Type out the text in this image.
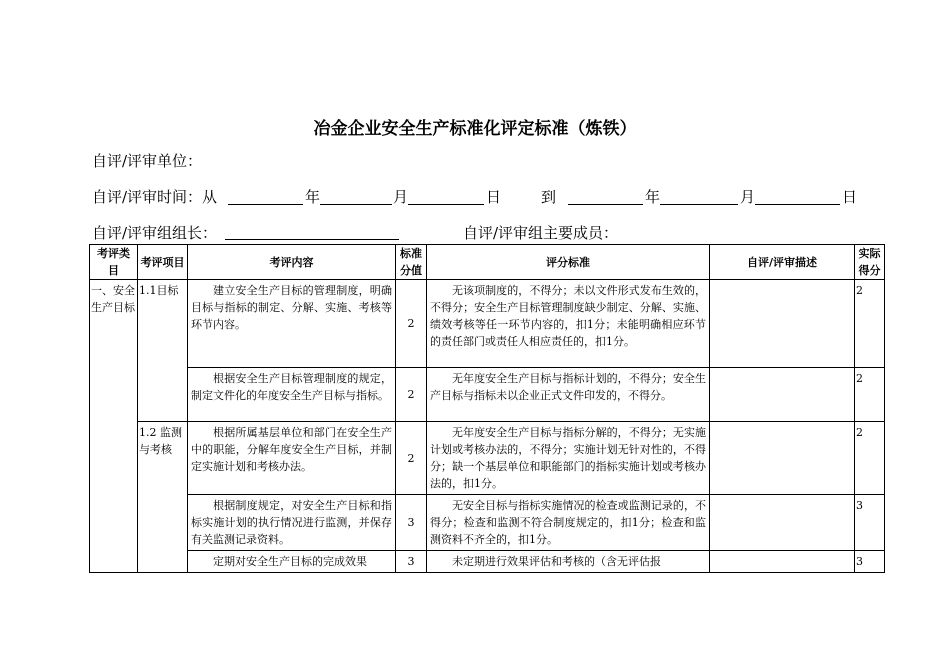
冶金企业安全生产标准化评定标准（炼铁）
自评/评审单位：
自评/评审时间：从	年	月	日	到	年	月	日
自评/评审组组长：	自评/评审组主要成员：
考评类目	考评项目	考评内容	标准分值	评分标准	自评/评审描述	实际得分
一、安全生产目标	1.1目标	建立安全生产目标的管理制度，明确目标与指标的制定、分解、实施、考核等环节内容。	2	无该项制度的，不得分；未以文件形式发布生效的，不得分；安全生产目标管理制度缺少制定、分解、实施、绩效考核等任一环节内容的，扣1分；未能明确相应环节的责任部门或责任人相应责任的，扣1分。		2
		根据安全生产目标管理制度的规定，制定文件化的年度安全生产目标与指标。	2	无年度安全生产目标与指标计划的，不得分；安全生产目标与指标未以企业正式文件印发的，不得分。		2
	1.2 监测与考核	根据所属基层单位和部门在安全生产中的职能，分解年度安全生产目标，并制定实施计划和考核办法。	2	无年度安全生产目标与指标分解的，不得分；无实施计划或考核办法的，不得分；实施计划无针对性的，不得分；缺一个基层单位和职能部门的指标实施计划或考核办法的，扣1分。		2
		根据制度规定，对安全生产目标和指标实施计划的执行情况进行监测，并保存有关监测记录资料。	3	无安全目标与指标实施情况的检查或监测记录的，不得分；检查和监测不符合制度规定的，扣1分；检查和监测资料不齐全的，扣1分。		3
		定期对安全生产目标的完成效果	3	未定期进行效果评估和考核的（含无评估报		3
